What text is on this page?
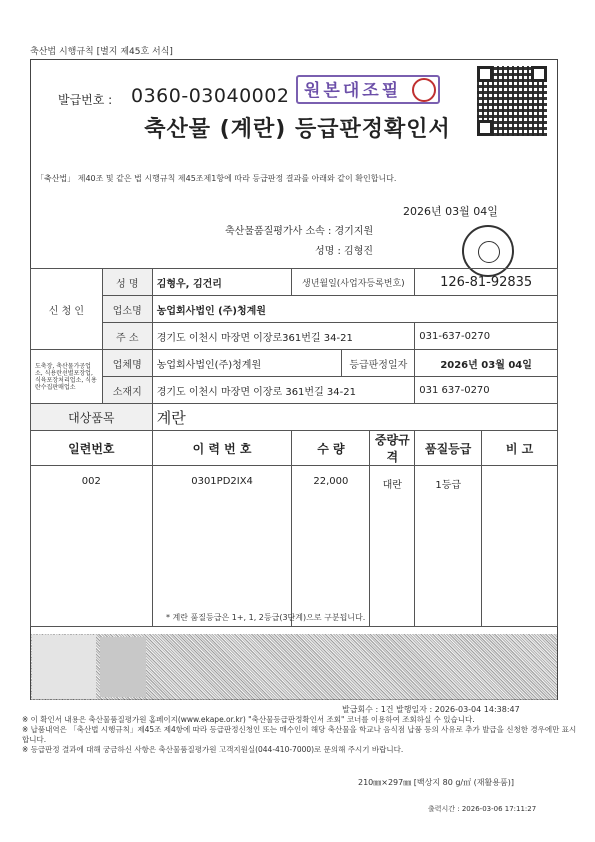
축산법 시행규칙 [별지 제45호 서식]
발급번호 : 0360-03040002 원본대조필
축산물 (계란) 등급판정확인서
「축산법」 제40조 및 같은 법 시행규칙 제45조제1항에 따라 등급판정 결과를 아래와 같이 확인합니다.
2026년 03월 04일
축산물품질평가사 소속 : 경기지원
성명 : 김형진
신 청 인	성 명	김형우, 김건리	생년월일(사업자등록번호)			126-81-92835	
	업소명	농업회사법인 (주)청계원					
	주 소	경기도 이천시 마장면 이장로361번길 34-21				031-637-0270	
도축장, 축산물가공업소, 식용란선별포장업, 식육포장처리업소, 식용란수집판매업소	업체명	농업회사법인(주)청계원		등급판정일자		2026년 03월 04일	
	소재지	경기도 이천시 마장면 이장로 361번길 34-21				031 637-0270	
대상품목		계란					
일련번호		이 력 번 호	수 량		중량규격	품질등급	비 고
002		0301PD2IX4	22,000		대란	1등급	
* 계란 품질등급은 1+, 1, 2등급(3단계)으로 구분됩니다.
발급회수 : 1건 발행일자 : 2026-03-04 14:38:47
※ 이 확인서 내용은 축산물품질평가원 홈페이지(www.ekape.or.kr) "축산물등급판정확인서 조회" 코너를 이용하여 조회하실 수 있습니다.
※ 납품내역은 「축산법 시행규칙」제45조 제4항에 따라 등급판정신청인 또는 매수인이 해당 축산물을 학교나 음식점 납품 등의 사유로 추가 발급을 신청한 경우에만 표시합니다.
※ 등급판정 결과에 대해 궁금하신 사항은 축산물품질평가원 고객지원실(044-410-7000)로 문의해 주시기 바랍니다.
210㎜×297㎜ [백상지 80 g/㎡ (재활용품)]
출력시간 : 2026-03-06 17:11:27
